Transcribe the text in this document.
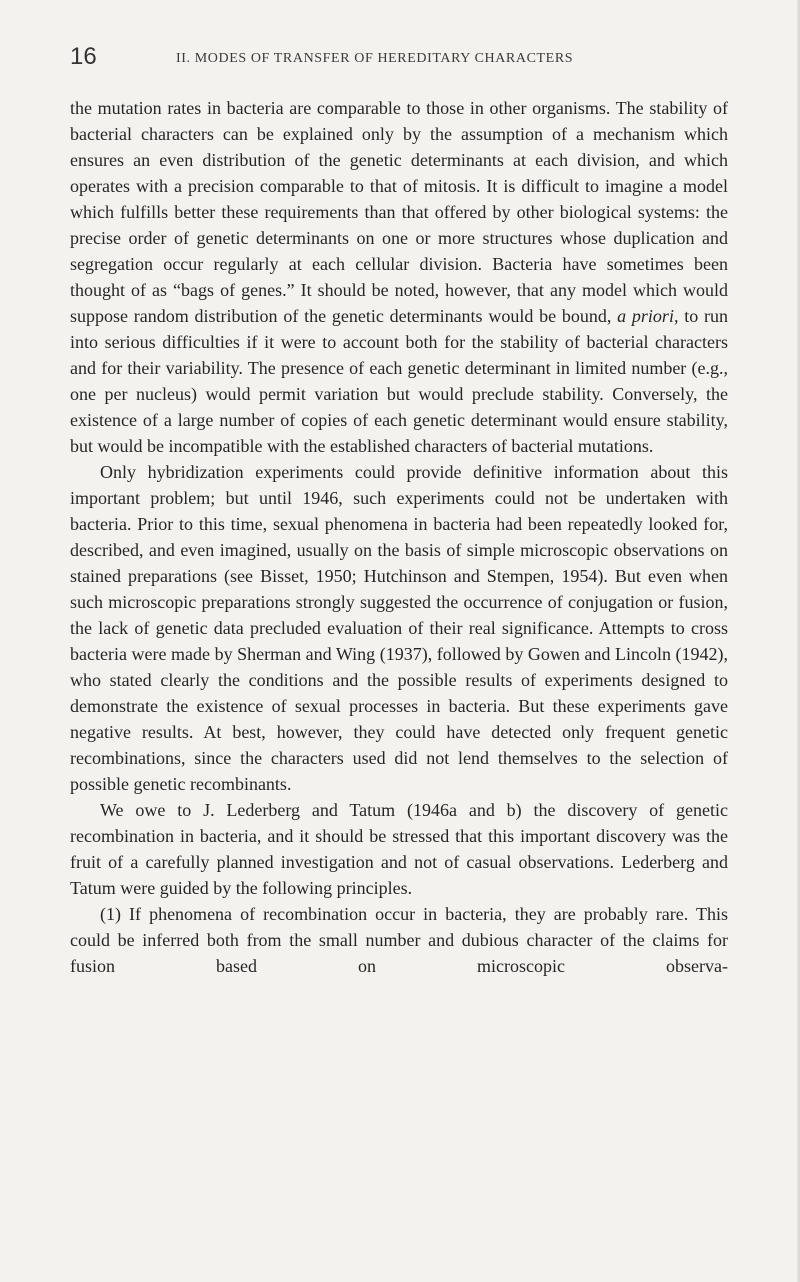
16	II. MODES OF TRANSFER OF HEREDITARY CHARACTERS

the mutation rates in bacteria are comparable to those in other organisms. The stability of bacterial characters can be explained only by the assumption of a mechanism which ensures an even distribution of the genetic determinants at each division, and which operates with a precision comparable to that of mitosis. It is difficult to imagine a model which fulfills better these requirements than that offered by other biological systems: the precise order of genetic determinants on one or more structures whose duplication and segregation occur regularly at each cellular division. Bacteria have sometimes been thought of as “bags of genes.” It should be noted, however, that any model which would suppose random distribution of the genetic determinants would be bound, a priori, to run into serious difficulties if it were to account both for the stability of bacterial characters and for their variability. The presence of each genetic determinant in limited number (e.g., one per nucleus) would permit variation but would preclude stability. Conversely, the existence of a large number of copies of each genetic determinant would ensure stability, but would be incompatible with the established characters of bacterial mutations.

Only hybridization experiments could provide definitive information about this important problem; but until 1946, such experiments could not be undertaken with bacteria. Prior to this time, sexual phenomena in bacteria had been repeatedly looked for, described, and even imagined, usually on the basis of simple microscopic observations on stained preparations (see Bisset, 1950; Hutchinson and Stempen, 1954). But even when such microscopic preparations strongly suggested the occurrence of conjugation or fusion, the lack of genetic data precluded evaluation of their real significance. Attempts to cross bacteria were made by Sherman and Wing (1937), followed by Gowen and Lincoln (1942), who stated clearly the conditions and the possible results of experiments designed to demonstrate the existence of sexual processes in bacteria. But these experiments gave negative results. At best, however, they could have detected only frequent genetic recombinations, since the characters used did not lend themselves to the selection of possible genetic recombinants.

We owe to J. Lederberg and Tatum (1946a and b) the discovery of genetic recombination in bacteria, and it should be stressed that this important discovery was the fruit of a carefully planned investigation and not of casual observations. Lederberg and Tatum were guided by the following principles.

(1) If phenomena of recombination occur in bacteria, they are probably rare. This could be inferred both from the small number and dubious character of the claims for fusion based on microscopic observa-
